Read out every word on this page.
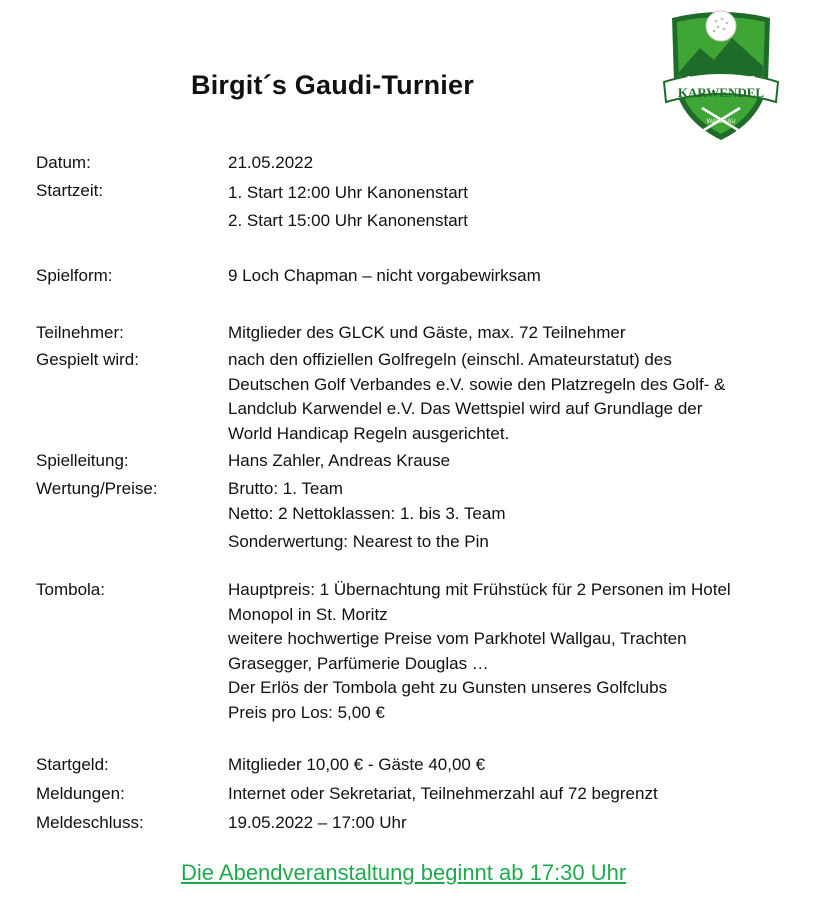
Birgit´s Gaudi-Turnier	GOLF- & LANDCLUB
KARWENDEL
WALLGAU
Datum:	21.05.2022
Startzeit:	1. Start 12:00 Uhr Kanonenstart
2. Start 15:00 Uhr Kanonenstart
Spielform:	9 Loch Chapman – nicht vorgabewirksam
Teilnehmer:	Mitglieder des GLCK und Gäste, max. 72 Teilnehmer
Gespielt wird:	nach den offiziellen Golfregeln (einschl. Amateurstatut) des
Deutschen Golf Verbandes e.V. sowie den Platzregeln des Golf- &
Landclub Karwendel e.V. Das Wettspiel wird auf Grundlage der
World Handicap Regeln ausgerichtet.
Spielleitung:	Hans Zahler, Andreas Krause
Wertung/Preise:	Brutto: 1. Team
Netto: 2 Nettoklassen: 1. bis 3. Team
Sonderwertung: Nearest to the Pin
Tombola:	Hauptpreis: 1 Übernachtung mit Frühstück für 2 Personen im Hotel
Monopol in St. Moritz
weitere hochwertige Preise vom Parkhotel Wallgau, Trachten
Grasegger, Parfümerie Douglas …
Der Erlös der Tombola geht zu Gunsten unseres Golfclubs
Preis pro Los: 5,00 €
Startgeld:	Mitglieder 10,00 € - Gäste 40,00 €
Meldungen:	Internet oder Sekretariat, Teilnehmerzahl auf 72 begrenzt
Meldeschluss:	19.05.2022 – 17:00 Uhr
Die Abendveranstaltung beginnt ab 17:30 Uhr
